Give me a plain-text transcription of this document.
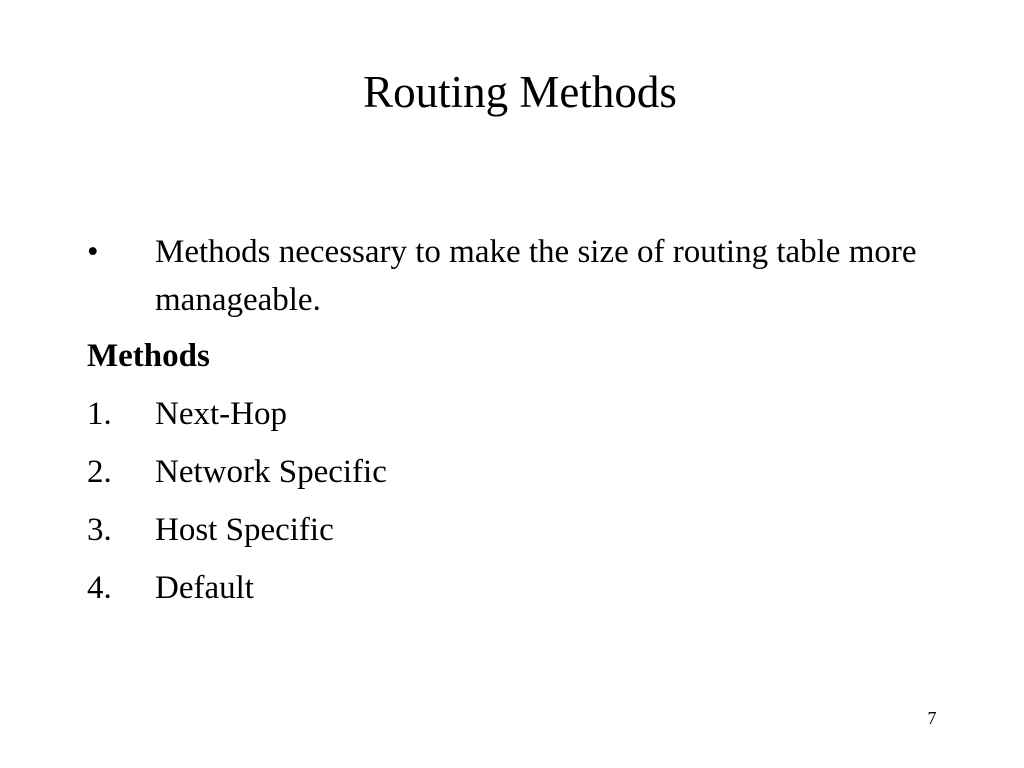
Routing Methods
• Methods necessary to make the size of routing table more manageable.
Methods
1. Next-Hop
2. Network Specific
3. Host Specific
4. Default
7
